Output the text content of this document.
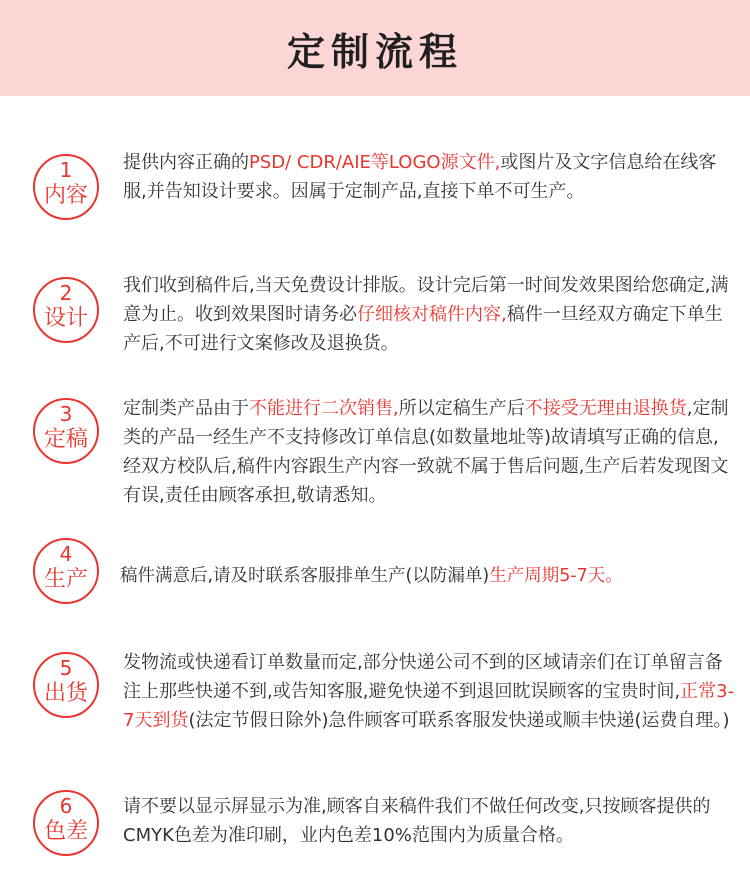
定制流程
1
内容

提供内容正确的PSD/ CDR/AIE等LOGO源文件,或图片及文字信息给在线客服,并告知设计要求。因属于定制产品,直接下单不可生产。

2
设计

我们收到稿件后,当天免费设计排版。设计完后第一时间发效果图给您确定,满意为止。收到效果图时请务必仔细核对稿件内容,稿件一旦经双方确定下单生产后,不可进行文案修改及退换货。

3
定稿

定制类产品由于不能进行二次销售,所以定稿生产后不接受无理由退换货,定制类的产品一经生产不支持修改订单信息(如数量地址等)故请填写正确的信息,经双方校队后,稿件内容跟生产内容一致就不属于售后问题,生产后若发现图文有误,责任由顾客承担,敬请悉知。

4
生产	稿件满意后,请及时联系客服排单生产(以防漏单)生产周期5-7天。

5
出货

发物流或快递看订单数量而定,部分快递公司不到的区域请亲们在订单留言备注上那些快递不到,或告知客服,避免快递不到退回眈误顾客的宝贵时间,正常3-7天到货(法定节假日除外)急件顾客可联系客服发快递或顺丰快递(运费自理。)

6
色差

请不要以显示屏显示为准,顾客自来稿件我们不做任何改变,只按顾客提供的CMYK色差为准印刷，业内色差10%范围内为质量合格。
